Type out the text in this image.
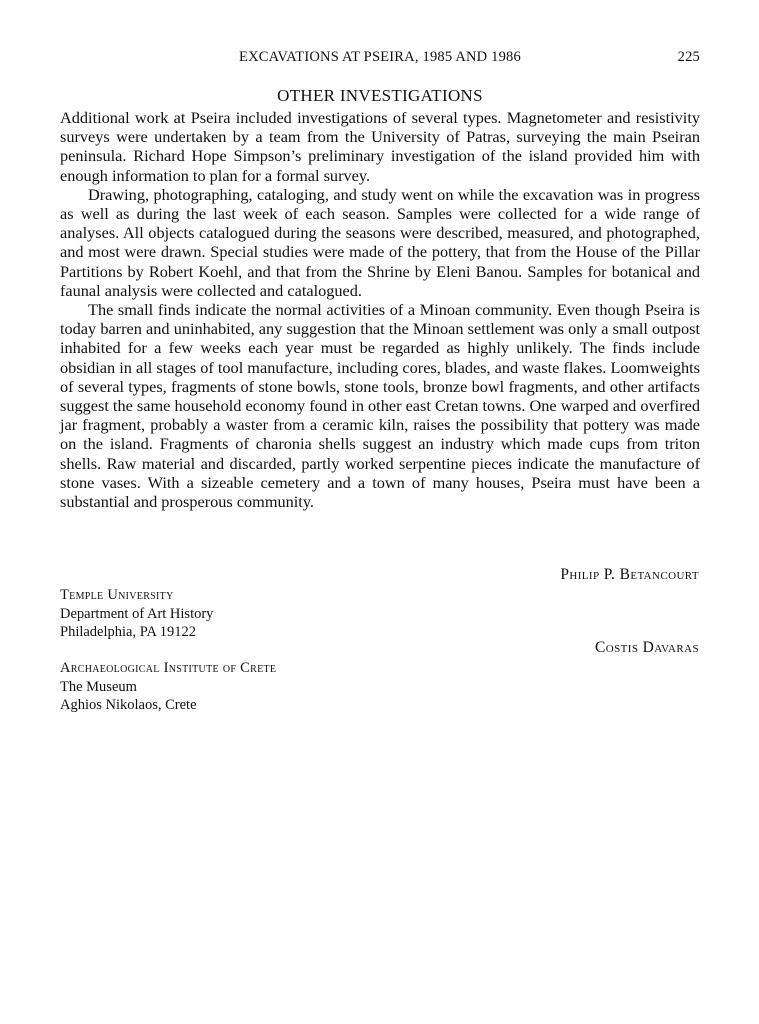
EXCAVATIONS AT PSEIRA, 1985 AND 1986	225
OTHER INVESTIGATIONS

Additional work at Pseira included investigations of several types. Magnetometer and resistivity surveys were undertaken by a team from the University of Patras, surveying the main Pseiran peninsula. Richard Hope Simpson’s preliminary investigation of the island provided him with enough information to plan for a formal survey.

Drawing, photographing, cataloging, and study went on while the excavation was in progress as well as during the last week of each season. Samples were collected for a wide range of analyses. All objects catalogued during the seasons were described, measured, and photographed, and most were drawn. Special studies were made of the pottery, that from the House of the Pillar Partitions by Robert Koehl, and that from the Shrine by Eleni Banou. Samples for botanical and faunal analysis were collected and catalogued.

The small finds indicate the normal activities of a Minoan community. Even though Pseira is today barren and uninhabited, any suggestion that the Minoan settlement was only a small outpost inhabited for a few weeks each year must be regarded as highly unlikely. The finds include obsidian in all stages of tool manufacture, including cores, blades, and waste flakes. Loomweights of several types, fragments of stone bowls, stone tools, bronze bowl fragments, and other artifacts suggest the same household economy found in other east Cretan towns. One warped and overfired jar fragment, probably a waster from a ceramic kiln, raises the possibility that pottery was made on the island. Fragments of charonia shells suggest an industry which made cups from triton shells. Raw material and discarded, partly worked serpentine pieces indicate the manufacture of stone vases. With a sizeable cemetery and a town of many houses, Pseira must have been a substantial and prosperous community.

Philip P. Betancourt
Temple University
Department of Art History
Philadelphia, PA 19122
Costis Davaras
Archaeological Institute of Crete
The Museum
Aghios Nikolaos, Crete
